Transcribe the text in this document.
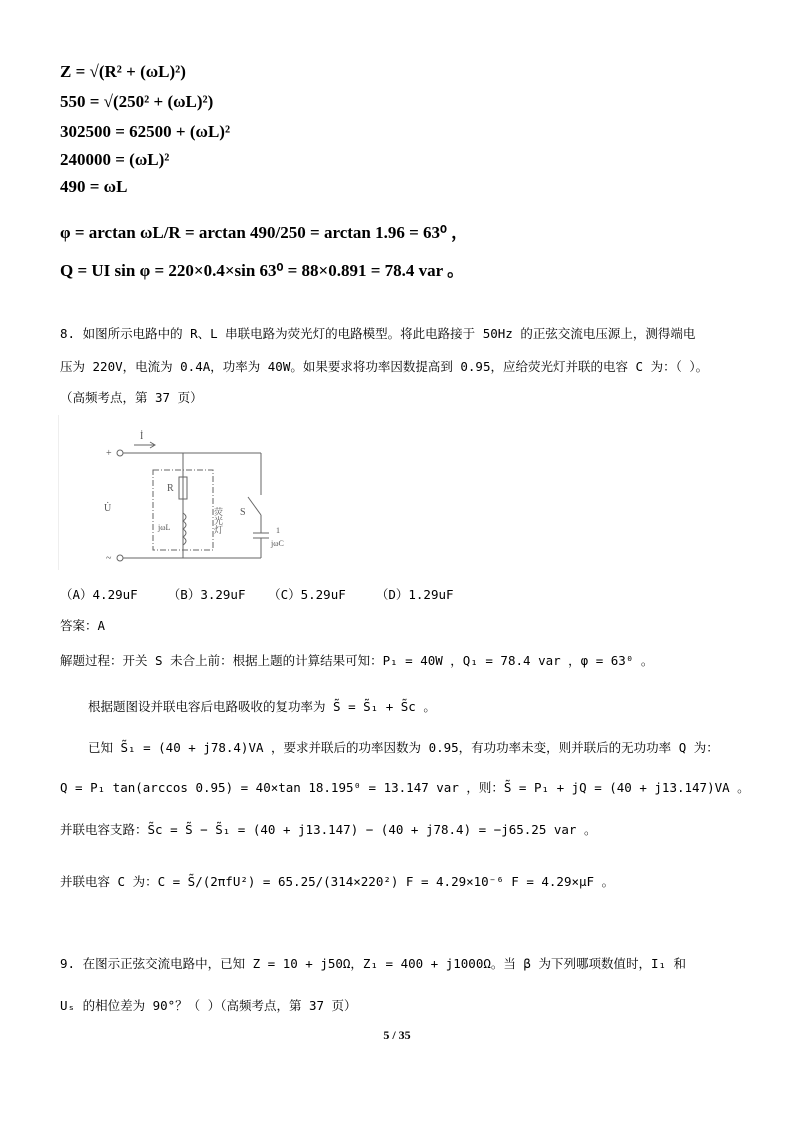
Z = √(R² + (ωL)²)
550 = √(250² + (ωL)²)
302500 = 62500 + (ωL)²
240000 = (ωL)²
490 = ωL
φ = arctan ωL/R = arctan 490/250 = arctan 1.96 = 63⁰ ，
Q = UI sin φ = 220×0.4×sin 63⁰ = 88×0.891 = 78.4 var 。
8. 如图所示电路中的 R、L 串联电路为荧光灯的电路模型。将此电路接于 50Hz 的正弦交流电压源上，测得端电
压为 220V，电流为 0.4A，功率为 40W。如果要求将功率因数提高到 0.95，应给荧光灯并联的电容 C 为：（ ）。
（高频考点，第 37 页）
İ
+
~
U̇
R
jωL	荧光灯 S
1
jωC
（A）4.29uF （B）3.29uF （C）5.29uF （D）1.29uF
答案：A
解题过程：开关 S 未合上前：根据上题的计算结果可知：P₁ = 40W ，Q₁ = 78.4 var ，φ = 63⁰ 。
根据题图设并联电容后电路吸收的复功率为 S̃ = S̃₁ + S̃c 。
已知 S̃₁ = (40 + j78.4)VA ，要求并联后的功率因数为 0.95，有功功率未变，则并联后的无功功率 Q 为：
Q = P₁ tan(arccos 0.95) = 40×tan 18.195⁰ = 13.147 var ，则：S̃ = P₁ + jQ = (40 + j13.147)VA 。
并联电容支路：S̃c = S̃ − S̃₁ = (40 + j13.147) − (40 + j78.4) = −j65.25 var 。
并联电容 C 为：C = S̃/(2πfU²) = 65.25/(314×220²) F = 4.29×10⁻⁶ F = 4.29×μF 。
9. 在图示正弦交流电路中，已知 Z = 10 + j50Ω，Z₁ = 400 + j1000Ω。当 β 为下列哪项数值时，I₁ 和
Uₛ 的相位差为 90°？（ ）（高频考点，第 37 页）
5 / 35
